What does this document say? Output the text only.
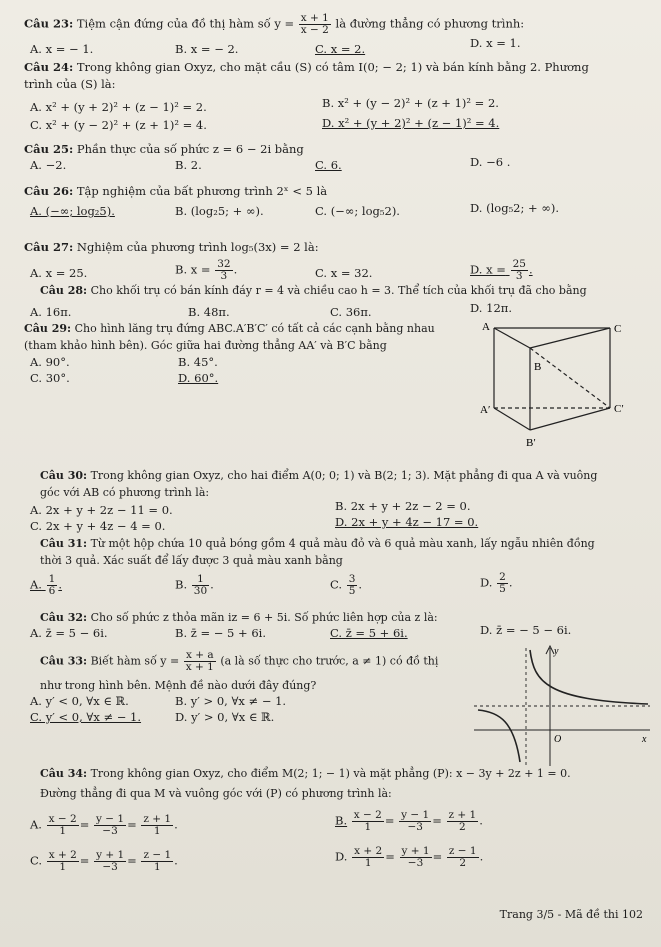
Câu 23: Tiệm cận đứng của đồ thị hàm số $y = \frac{x + 1}{x - 2}$ là đường thẳng có phương trình:
A. x = − 1.	B. x = − 2.	C. x = 2.	D. x = 1.
Câu 24: Trong không gian Oxyz, cho mặt cầu (S) có tâm I(0; − 2; 1) và bán kính bằng 2. Phương
trình của (S) là:
A. x² + (y + 2)² + (z − 1)² = 2.	B. x² + (y − 2)² + (z + 1)² = 2.
C. x² + (y − 2)² + (z + 1)² = 4.	D. x² + (y + 2)² + (z − 1)² = 4.
Câu 25: Phần thực của số phức z = 6 − 2i bằng
A. −2.	B. 2.	C. 6.	D. −6 .
Câu 26: Tập nghiệm của bất phương trình 2ˣ < 5 là
A. (−∞; log₂5).	B. (log₂5; + ∞).	C. (−∞; log₅2).	D. (log₅2; + ∞).
Câu 27: Nghiệm của phương trình log₅(3x) = 2 là:
A. x = 25.	B. $x = \frac{32}{3}$ .	C. x = 32.	D. $x = \frac{25}{3}$ .
Câu 28: Cho khối trụ có bán kính đáy r = 4 và chiều cao h = 3. Thể tích của khối trụ đã cho bằng
A. 16π.	B. 48π.	C. 36π.	D. 12π.
Câu 29: Cho hình lăng trụ đứng ABC.A′B′C′ có tất cả các cạnh bằng nhau
(tham khảo hình bên). Góc giữa hai đường thẳng AA′ và B′C bằng
A. 90°.	B. 45°.
C. 30°.	D. 60°.
A	C
B
A′	C′
B′
Câu 30: Trong không gian Oxyz, cho hai điểm A(0; 0; 1) và B(2; 1; 3). Mặt phẳng đi qua A và vuông
góc với AB có phương trình là:
A. 2x + y + 2z − 11 = 0.	B. 2x + y + 2z − 2 = 0.
C. 2x + y + 4z − 4 = 0.	D. 2x + y + 4z − 17 = 0.
Câu 31: Từ một hộp chứa 10 quả bóng gồm 4 quả màu đỏ và 6 quả màu xanh, lấy ngẫu nhiên đồng
thời 3 quả. Xác suất để lấy được 3 quả màu xanh bằng
A. $\frac{1}{6}$ .	B. $\frac{1}{30}$ .	C. $\frac{3}{5}$ .	D. $\frac{2}{5}$ .
Câu 32: Cho số phức z thỏa mãn iz = 6 + 5i. Số phức liên hợp của z là:
A. z̄ = 5 − 6i.	B. z̄ = − 5 + 6i.	C. z̄ = 5 + 6i.	D. z̄ = − 5 − 6i.
Câu 33: Biết hàm số $y = \frac{x + a}{x + 1} (a$ là số thực cho trước, a ≠ 1) có đồ thị
như trong hình bên. Mệnh đề nào dưới đây đúng?
A. y′ < 0, ∀x ∈ ℝ.	B. y′ > 0, ∀x ≠ − 1.
C. y′ < 0, ∀x ≠ − 1.	D. y′ > 0, ∀x ∈ ℝ.
y
O	x
Câu 34: Trong không gian Oxyz, cho điểm M(2; 1; − 1) và mặt phẳng (P): x − 3y + 2z + 1 = 0.
Đường thẳng đi qua M và vuông góc với (P) có phương trình là:
A. $\frac{x - 2}{1} = \frac{y - 1}{-3} = \frac{z + 1}{1}$ .	B. $\frac{x - 2}{1} = \frac{y - 1}{-3} = \frac{z + 1}{2}$ .
C. $\frac{x + 2}{1} = \frac{y + 1}{-3} = \frac{z - 1}{1}$ .	D. $\frac{x + 2}{1} = \frac{y + 1}{-3} = \frac{z - 1}{2}$ .
Trang 3/5 - Mã đề thi 102
